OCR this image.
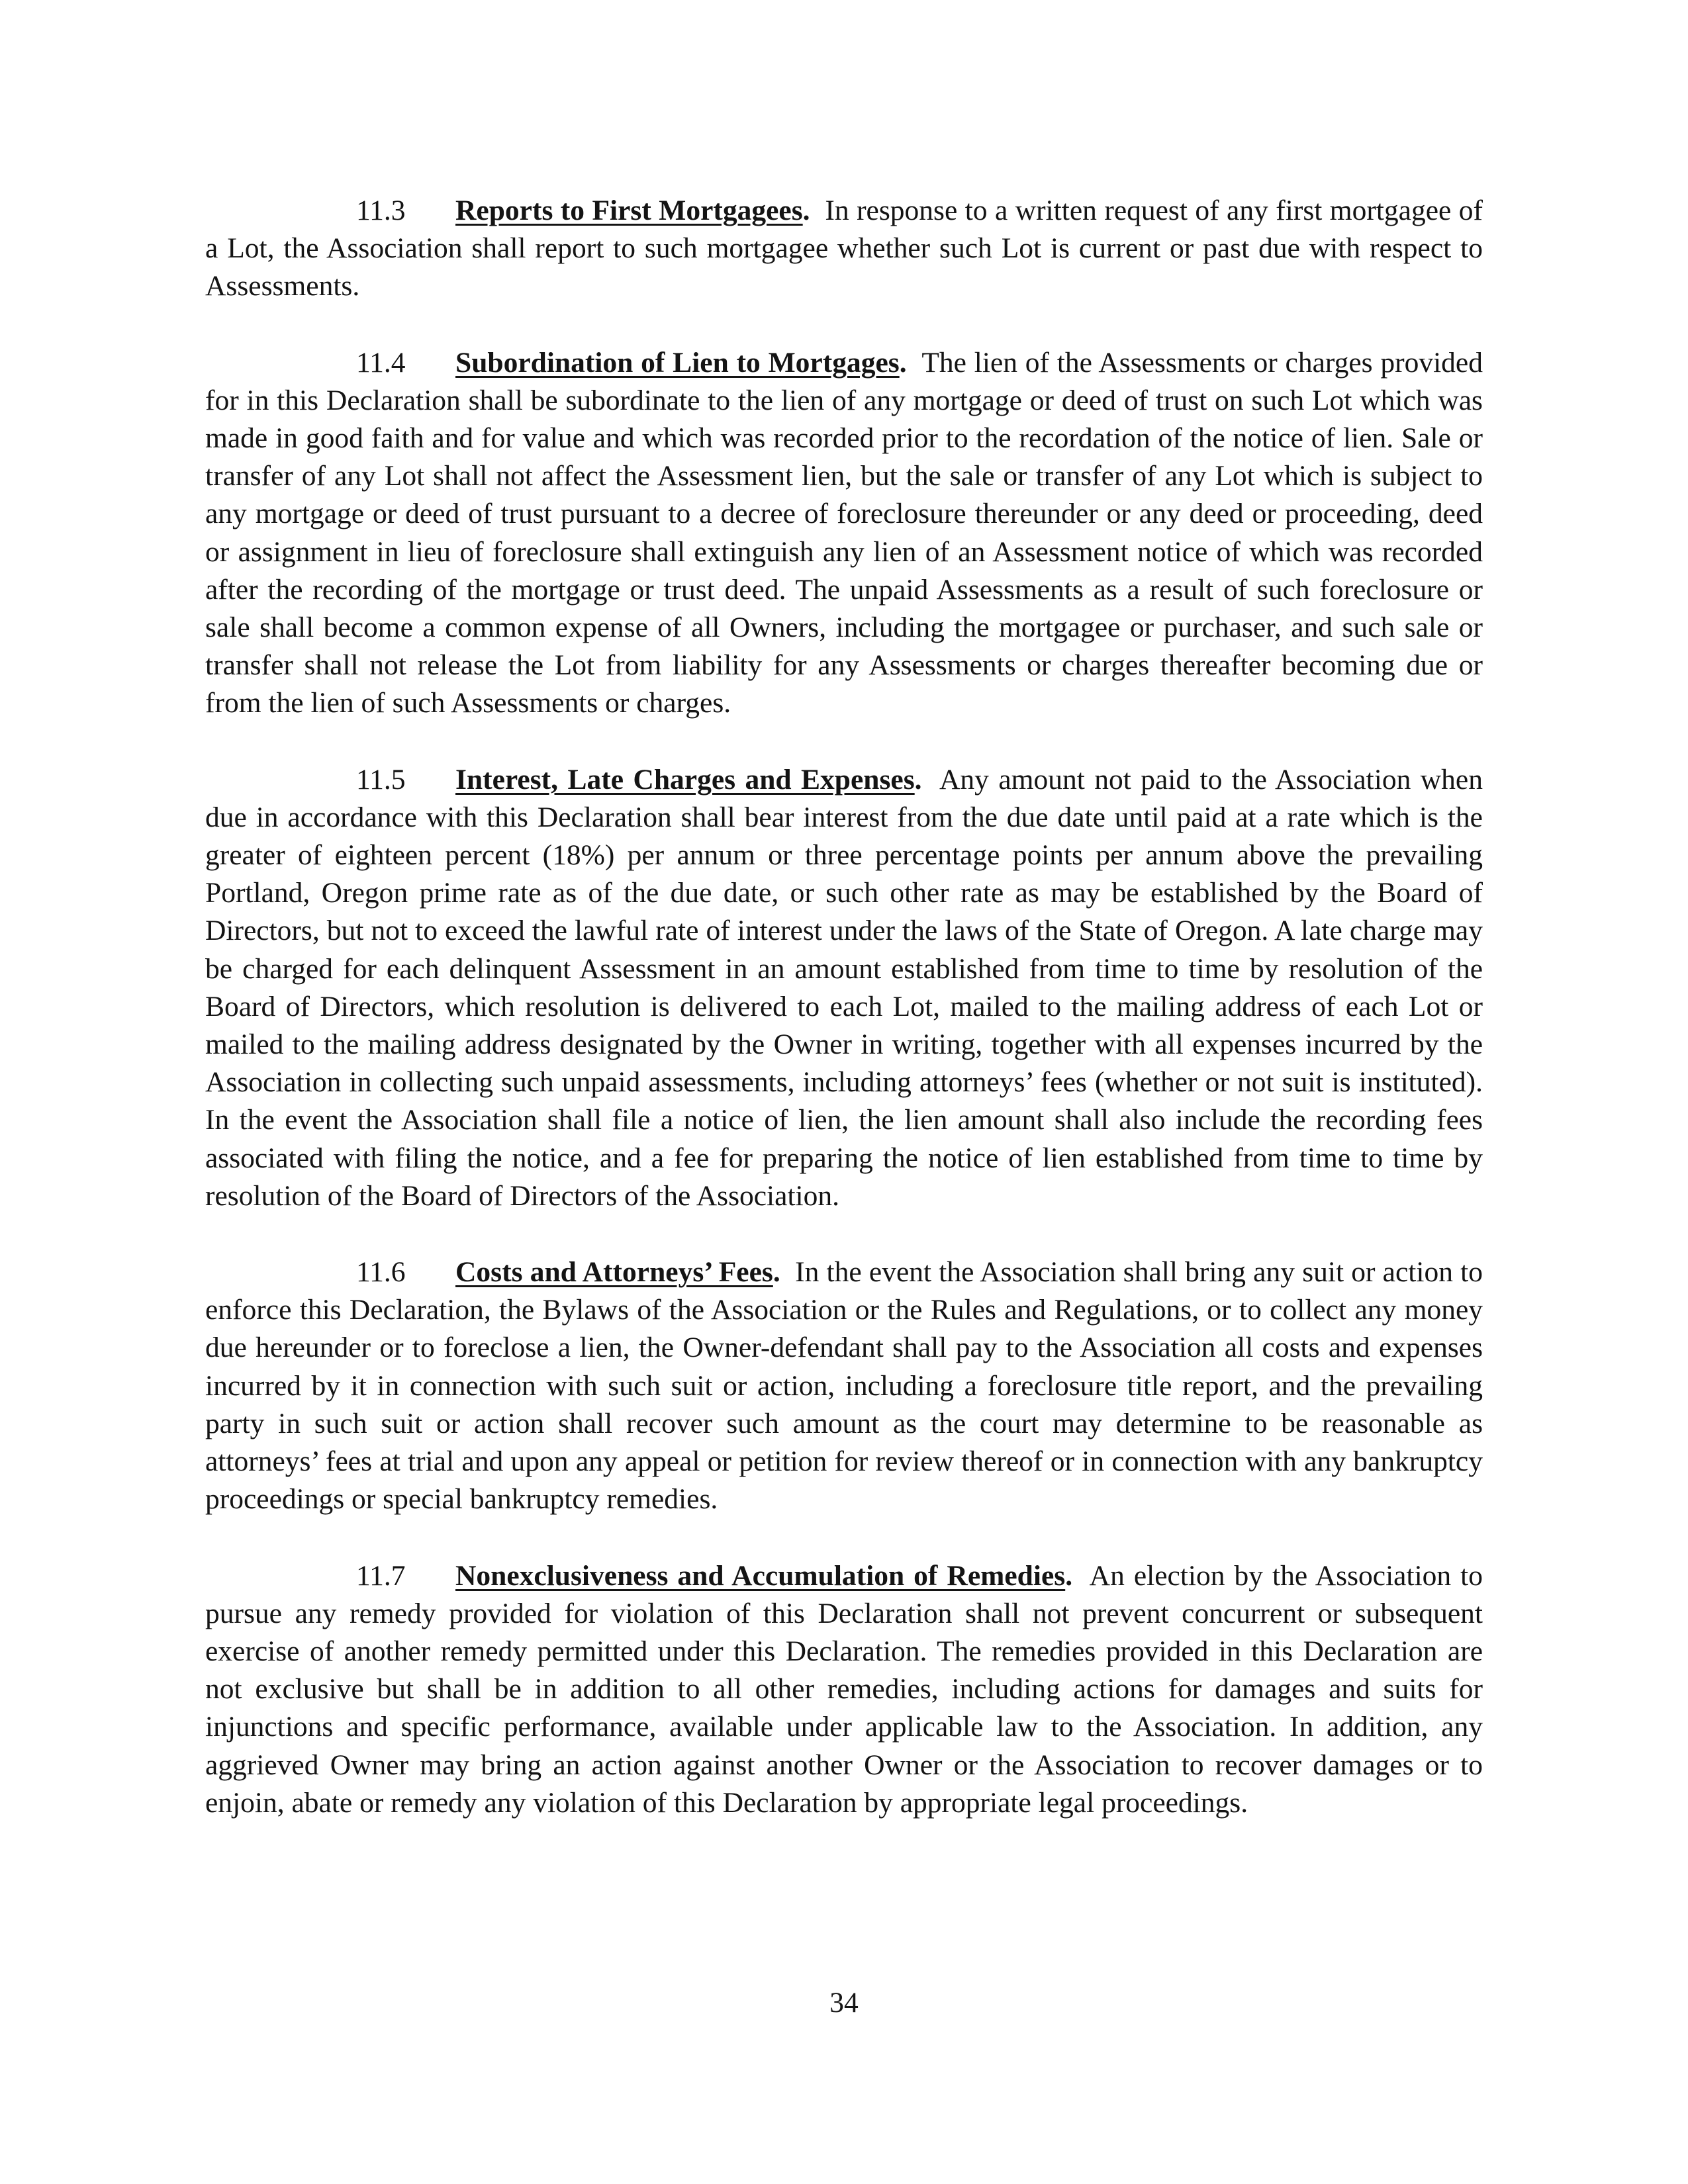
11.3 Reports to First Mortgagees. In response to a written request of any first mortgagee of a Lot, the Association shall report to such mortgagee whether such Lot is current or past due with respect to Assessments.

11.4 Subordination of Lien to Mortgages. The lien of the Assessments or charges provided for in this Declaration shall be subordinate to the lien of any mortgage or deed of trust on such Lot which was made in good faith and for value and which was recorded prior to the recordation of the notice of lien. Sale or transfer of any Lot shall not affect the Assessment lien, but the sale or transfer of any Lot which is subject to any mortgage or deed of trust pursuant to a decree of foreclosure thereunder or any deed or proceeding, deed or assignment in lieu of foreclosure shall extinguish any lien of an Assessment notice of which was recorded after the recording of the mortgage or trust deed. The unpaid Assessments as a result of such foreclosure or sale shall become a common expense of all Owners, including the mortgagee or purchaser, and such sale or transfer shall not release the Lot from liability for any Assessments or charges thereafter becoming due or from the lien of such Assessments or charges.

11.5 Interest, Late Charges and Expenses. Any amount not paid to the Association when due in accordance with this Declaration shall bear interest from the due date until paid at a rate which is the greater of eighteen percent (18%) per annum or three percentage points per annum above the prevailing Portland, Oregon prime rate as of the due date, or such other rate as may be established by the Board of Directors, but not to exceed the lawful rate of interest under the laws of the State of Oregon. A late charge may be charged for each delinquent Assessment in an amount established from time to time by resolution of the Board of Directors, which resolution is delivered to each Lot, mailed to the mailing address of each Lot or mailed to the mailing address designated by the Owner in writing, together with all expenses incurred by the Association in collecting such unpaid assessments, including attorneys’ fees (whether or not suit is instituted). In the event the Association shall file a notice of lien, the lien amount shall also include the recording fees associated with filing the notice, and a fee for preparing the notice of lien established from time to time by resolution of the Board of Directors of the Association.

11.6 Costs and Attorneys’ Fees. In the event the Association shall bring any suit or action to enforce this Declaration, the Bylaws of the Association or the Rules and Regulations, or to collect any money due hereunder or to foreclose a lien, the Owner-defendant shall pay to the Association all costs and expenses incurred by it in connection with such suit or action, including a foreclosure title report, and the prevailing party in such suit or action shall recover such amount as the court may determine to be reasonable as attorneys’ fees at trial and upon any appeal or petition for review thereof or in connection with any bankruptcy proceedings or special bankruptcy remedies.

11.7 Nonexclusiveness and Accumulation of Remedies. An election by the Association to pursue any remedy provided for violation of this Declaration shall not prevent concurrent or subsequent exercise of another remedy permitted under this Declaration. The remedies provided in this Declaration are not exclusive but shall be in addition to all other remedies, including actions for damages and suits for injunctions and specific performance, available under applicable law to the Association. In addition, any aggrieved Owner may bring an action against another Owner or the Association to recover damages or to enjoin, abate or remedy any violation of this Declaration by appropriate legal proceedings.

34
